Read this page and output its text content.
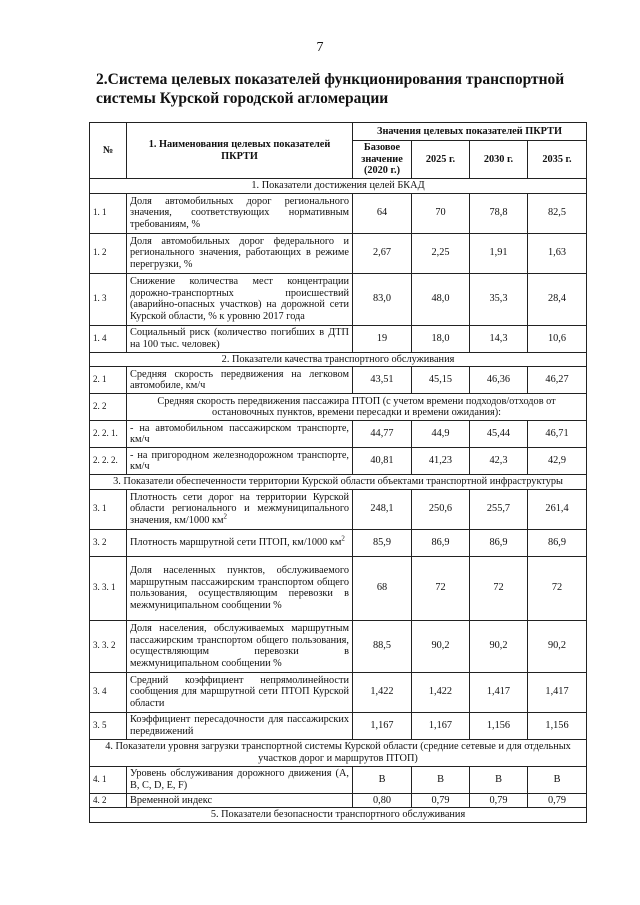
7
2.Система целевых показателей функционирования транспортной системы Курской городской агломерации
№	1. Наименования целевых показателей ПКРТИ	Значения целевых показателей ПКРТИ			
		Базовое значение (2020 г.)	2025 г.	2030 г.	2035 г.
1. Показатели достижения целей БКАД					
1. 1	Доля автомобильных дорог регионального значения, соответствующих нормативным требованиям, %	64	70	78,8	82,5
1. 2	Доля автомобильных дорог федерального и регионального значения, работающих в режиме перегрузки, %	2,67	2,25	1,91	1,63
1. 3	Снижение количества мест концентрации дорожно-транспортных происшествий (аварийно-опасных участков) на дорожной сети Курской области, % к уровню 2017 года	83,0	48,0	35,3	28,4
1. 4	Социальный риск (количество погибших в ДТП на 100 тыс. человек)	19	18,0	14,3	10,6
2. Показатели качества транспортного обслуживания					
2. 1	Средняя скорость передвижения на легковом автомобиле, км/ч	43,51	45,15	46,36	46,27
2. 2	Средняя скорость передвижения пассажира ПТОП (с учетом времени подходов/отходов от остановочных пунктов, времени пересадки и времени ожидания):				
2. 2. 1.	- на автомобильном пассажирском транспорте, км/ч	44,77	44,9	45,44	46,71
2. 2. 2.	- на пригородном железнодорожном транспорте, км/ч	40,81	41,23	42,3	42,9
3. Показатели обеспеченности территории Курской области объектами транспортной инфраструктуры					
3. 1	Плотность сети дорог на территории Курской области регионального и межмуниципального значения, км/1000 $км^2$	248,1	250,6	255,7	261,4
3. 2	Плотность маршрутной сети ПТОП, км/1000 $км^2$	85,9	86,9	86,9	86,9
3. 3. 1	Доля населенных пунктов, обслуживаемого маршрутным пассажирским транспортом общего пользования, осуществляющим перевозки в межмуниципальном сообщении %	68	72	72	72
3. 3. 2	Доля населения, обслуживаемых маршрутным пассажирским транспортом общего пользования, осуществляющим перевозки в межмуниципальном сообщении %	88,5	90,2	90,2	90,2
3. 4	Средний коэффициент непрямолинейности сообщения для маршрутной сети ПТОП Курской области	1,422	1,422	1,417	1,417
3. 5	Коэффициент пересадочности для пассажирских передвижений	1,167	1,167	1,156	1,156
4. Показатели уровня загрузки транспортной системы Курской области (средние сетевые и для отдельных участков дорог и маршрутов ПТОП)					
4. 1	Уровень обслуживания дорожного движения (A, B, C, D, E, F)	B	B	B	B
4. 2	Временной индекс	0,80	0,79	0,79	0,79
5. Показатели безопасности транспортного обслуживания					
